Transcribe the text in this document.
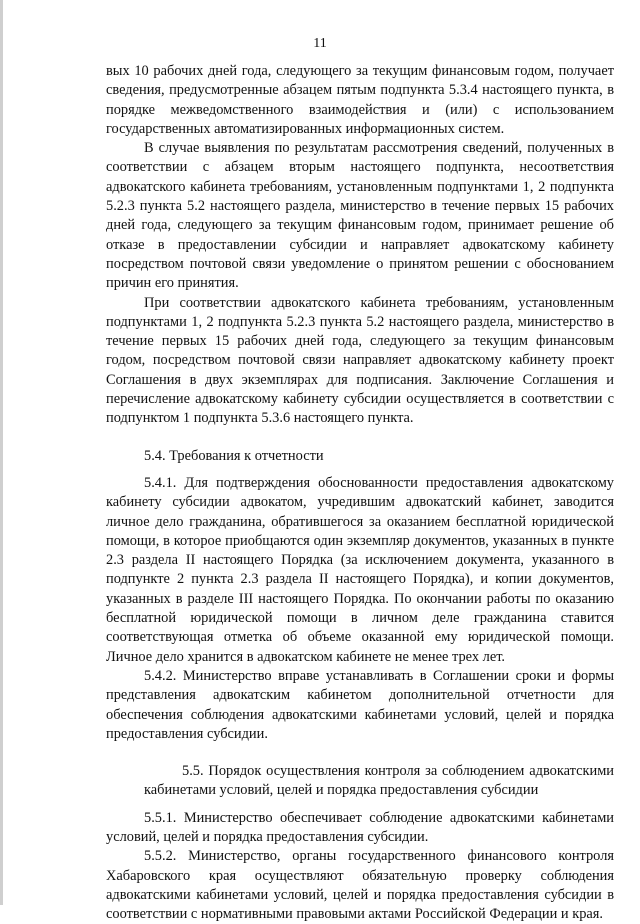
11

вых 10 рабочих дней года, следующего за текущим финансовым годом, получает сведения, предусмотренные абзацем пятым подпункта 5.3.4 настоящего пункта, в порядке межведомственного взаимодействия и (или) с использованием государственных автоматизированных информационных систем.

В случае выявления по результатам рассмотрения сведений, полученных в соответствии с абзацем вторым настоящего подпункта, несоответствия адвокатского кабинета требованиям, установленным подпунктами 1, 2 подпункта 5.2.3 пункта 5.2 настоящего раздела, министерство в течение первых 15 рабочих дней года, следующего за текущим финансовым годом, принимает решение об отказе в предоставлении субсидии и направляет адвокатскому кабинету посредством почтовой связи уведомление о принятом решении с обоснованием причин его принятия.

При соответствии адвокатского кабинета требованиям, установленным подпунктами 1, 2 подпункта 5.2.3 пункта 5.2 настоящего раздела, министерство в течение первых 15 рабочих дней года, следующего за текущим финансовым годом, посредством почтовой связи направляет адвокатскому кабинету проект Соглашения в двух экземплярах для подписания. Заключение Соглашения и перечисление адвокатскому кабинету субсидии осуществляется в соответствии с подпунктом 1 подпункта 5.3.6 настоящего пункта.

5.4. Требования к отчетности

5.4.1. Для подтверждения обоснованности предоставления адвокатскому кабинету субсидии адвокатом, учредившим адвокатский кабинет, заводится личное дело гражданина, обратившегося за оказанием бесплатной юридической помощи, в которое приобщаются один экземпляр документов, указанных в пункте 2.3 раздела II настоящего Порядка (за исключением документа, указанного в подпункте 2 пункта 2.3 раздела II настоящего Порядка), и копии документов, указанных в разделе III настоящего Порядка. По окончании работы по оказанию бесплатной юридической помощи в личном деле гражданина ставится соответствующая отметка об объеме оказанной ему юридической помощи. Личное дело хранится в адвокатском кабинете не менее трех лет.

5.4.2. Министерство вправе устанавливать в Соглашении сроки и формы представления адвокатским кабинетом дополнительной отчетности для обеспечения соблюдения адвокатскими кабинетами условий, целей и порядка предоставления субсидии.

5.5. Порядок осуществления контроля за соблюдением адвокатскими кабинетами условий, целей и порядка предоставления субсидии

5.5.1. Министерство обеспечивает соблюдение адвокатскими кабинетами условий, целей и порядка предоставления субсидии.

5.5.2. Министерство, органы государственного финансового контроля Хабаровского края осуществляют обязательную проверку соблюдения адвокатскими кабинетами условий, целей и порядка предоставления субсидии в соответствии с нормативными правовыми актами Российской Федерации и края.
